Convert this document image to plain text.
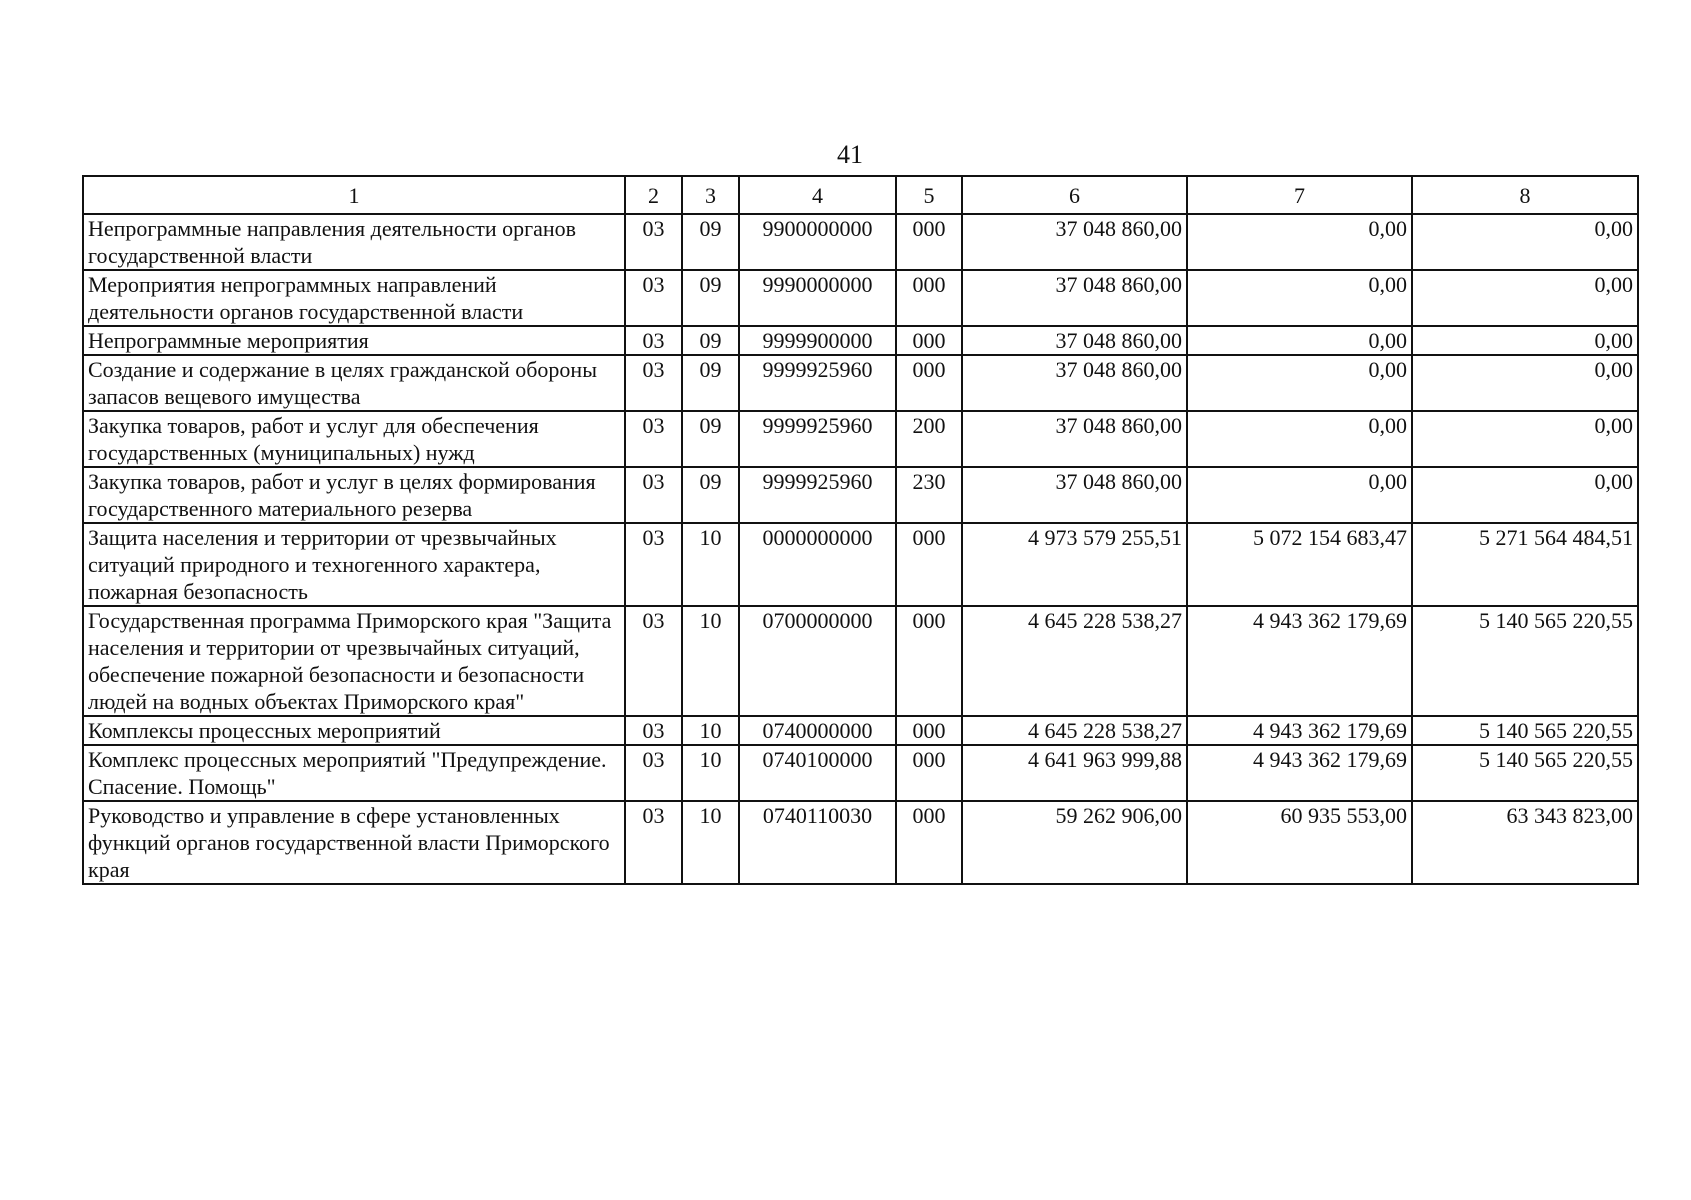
41
1	2	3	4	5	6	7	8
Непрограммные направления деятельности органов государственной власти	03	09	9900000000	000	37 048 860,00	0,00	0,00
Мероприятия непрограммных направлений деятельности органов государственной власти	03	09	9990000000	000	37 048 860,00	0,00	0,00
Непрограммные мероприятия	03	09	9999900000	000	37 048 860,00	0,00	0,00
Создание и содержание в целях гражданской обороны запасов вещевого имущества	03	09	9999925960	000	37 048 860,00	0,00	0,00
Закупка товаров, работ и услуг для обеспечения государственных (муниципальных) нужд	03	09	9999925960	200	37 048 860,00	0,00	0,00
Закупка товаров, работ и услуг в целях формирования государственного материального резерва	03	09	9999925960	230	37 048 860,00	0,00	0,00
Защита населения и территории от чрезвычайных ситуаций природного и техногенного характера, пожарная безопасность	03	10	0000000000	000	4 973 579 255,51	5 072 154 683,47	5 271 564 484,51
Государственная программа Приморского края "Защита населения и территории от чрезвычайных ситуаций, обеспечение пожарной безопасности и безопасности людей на водных объектах Приморского края"	03	10	0700000000	000	4 645 228 538,27	4 943 362 179,69	5 140 565 220,55
Комплексы процессных мероприятий	03	10	0740000000	000	4 645 228 538,27	4 943 362 179,69	5 140 565 220,55
Комплекс процессных мероприятий "Предупреждение. Спасение. Помощь"	03	10	0740100000	000	4 641 963 999,88	4 943 362 179,69	5 140 565 220,55
Руководство и управление в сфере установленных функций органов государственной власти Приморского края	03	10	0740110030	000	59 262 906,00	60 935 553,00	63 343 823,00
